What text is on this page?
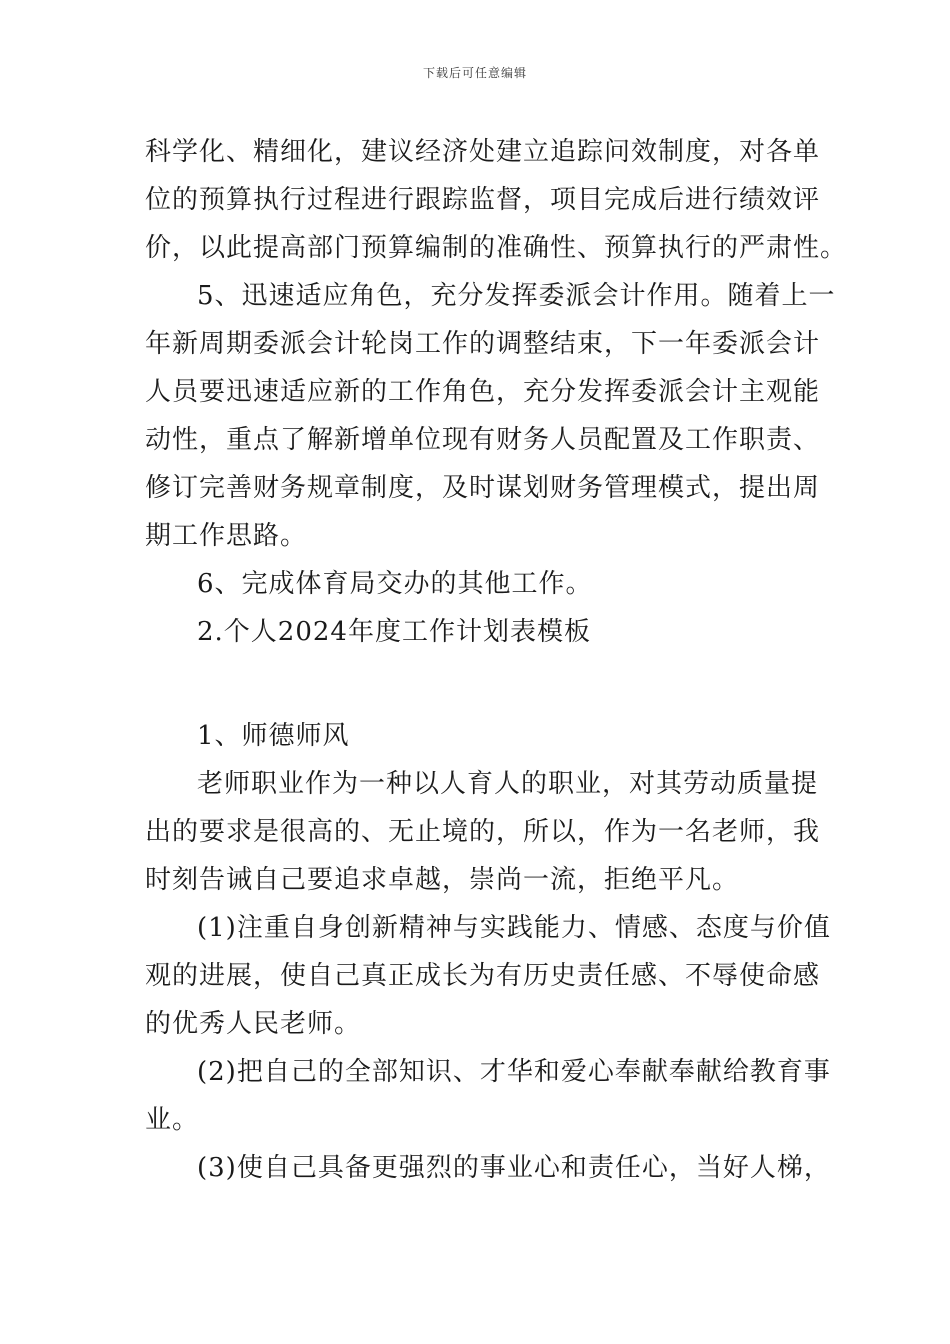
下载后可任意编辑
科学化、精细化，建议经济处建立追踪问效制度，对各单
位的预算执行过程进行跟踪监督，项目完成后进行绩效评
价，以此提高部门预算编制的准确性、预算执行的严肃性。
5、迅速适应角色，充分发挥委派会计作用。随着上一
年新周期委派会计轮岗工作的调整结束，下一年委派会计
人员要迅速适应新的工作角色，充分发挥委派会计主观能
动性，重点了解新增单位现有财务人员配置及工作职责、
修订完善财务规章制度，及时谋划财务管理模式，提出周
期工作思路。
6、完成体育局交办的其他工作。
2.个人2024年度工作计划表模板
1、师德师风
老师职业作为一种以人育人的职业，对其劳动质量提
出的要求是很高的、无止境的，所以，作为一名老师，我
时刻告诫自己要追求卓越，崇尚一流，拒绝平凡。
(1)注重自身创新精神与实践能力、情感、态度与价值
观的进展，使自己真正成长为有历史责任感、不辱使命感
的优秀人民老师。
(2)把自己的全部知识、才华和爱心奉献奉献给教育事
业。
(3)使自己具备更强烈的事业心和责任心，当好人梯，
